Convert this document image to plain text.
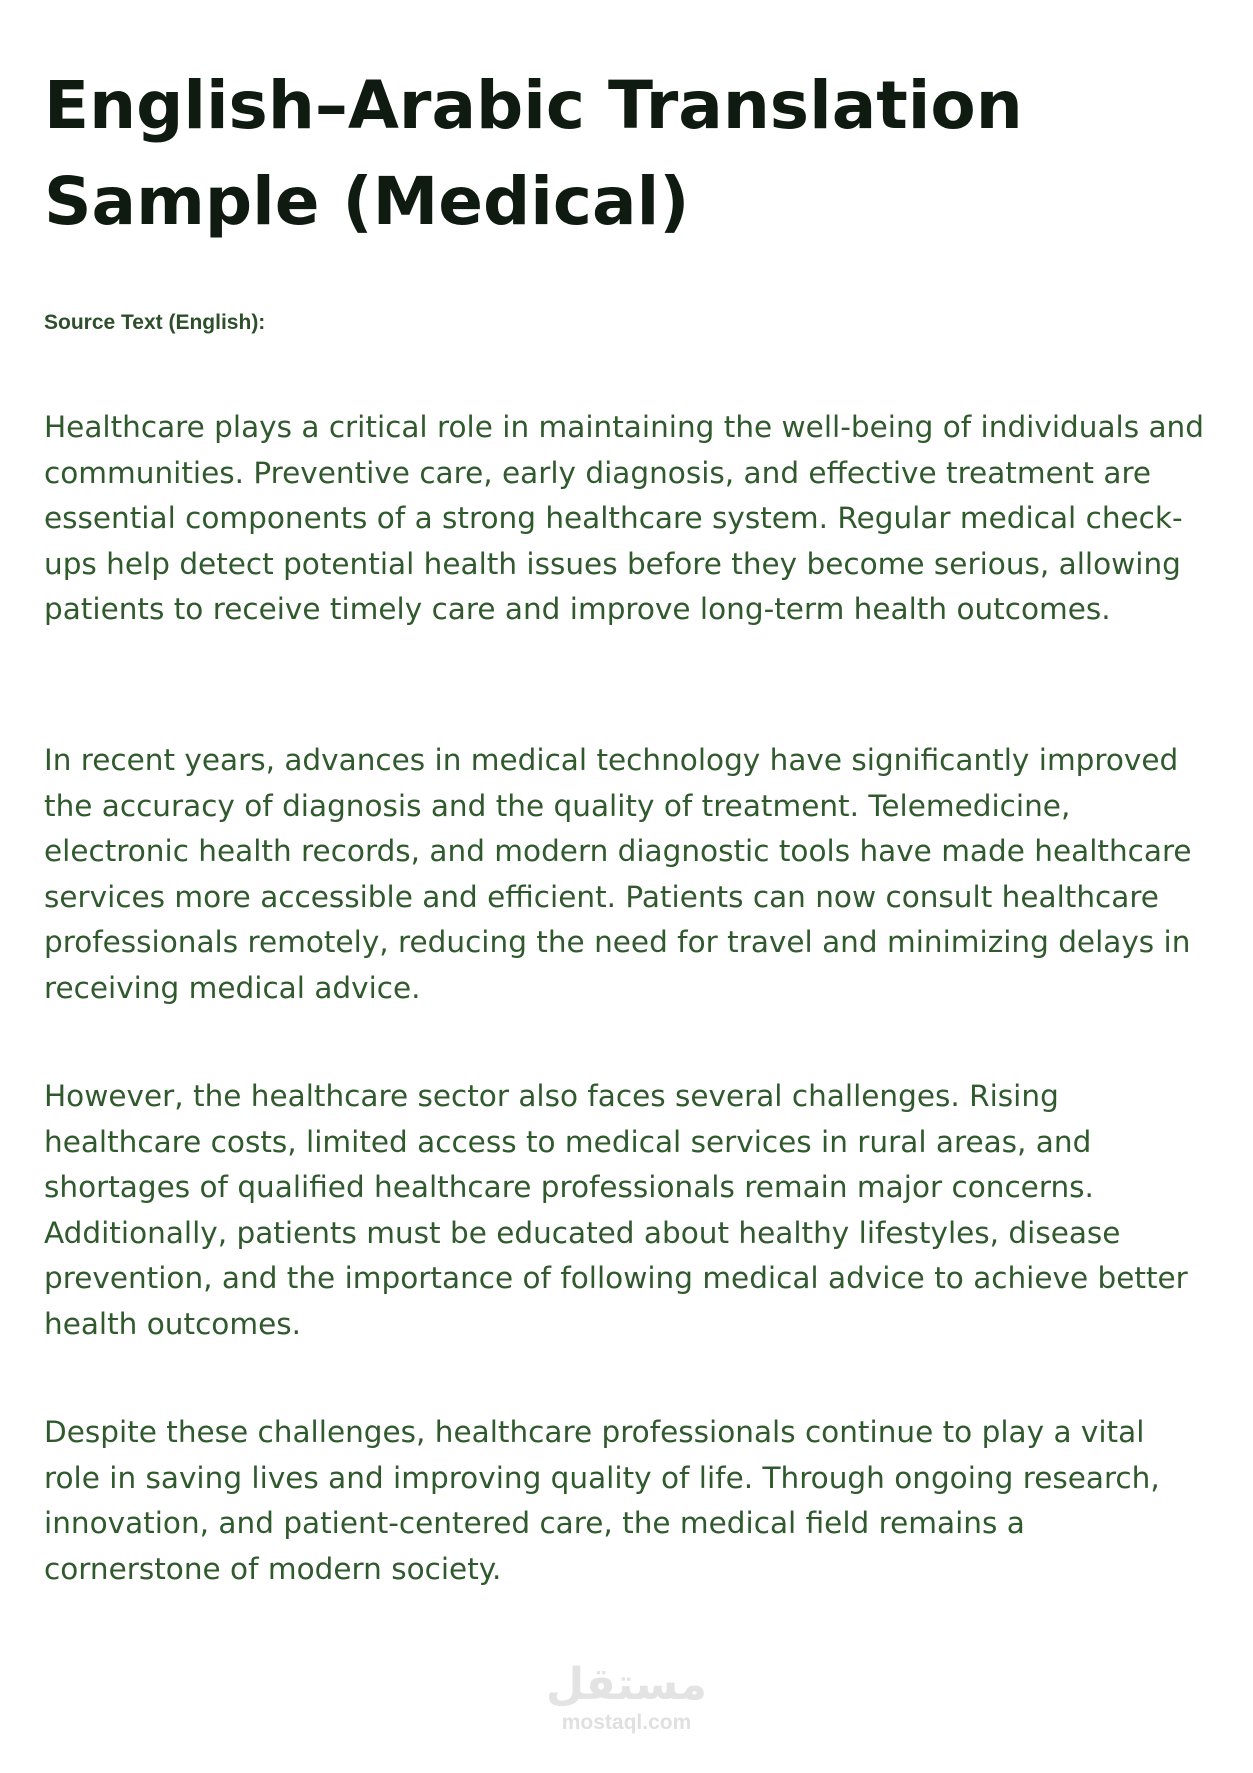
English–Arabic Translation Sample (Medical)

Source Text (English):

Healthcare plays a critical role in maintaining the well-being of individuals and communities. Preventive care, early diagnosis, and effective treatment are essential components of a strong healthcare system. Regular medical check-ups help detect potential health issues before they become serious, allowing patients to receive timely care and improve long-term health outcomes.

In recent years, advances in medical technology have significantly improved the accuracy of diagnosis and the quality of treatment. Telemedicine, electronic health records, and modern diagnostic tools have made healthcare services more accessible and efficient. Patients can now consult healthcare professionals remotely, reducing the need for travel and minimizing delays in receiving medical advice.

However, the healthcare sector also faces several challenges. Rising healthcare costs, limited access to medical services in rural areas, and shortages of qualified healthcare professionals remain major concerns. Additionally, patients must be educated about healthy lifestyles, disease prevention, and the importance of following medical advice to achieve better health outcomes.

Despite these challenges, healthcare professionals continue to play a vital role in saving lives and improving quality of life. Through ongoing research, innovation, and patient-centered care, the medical field remains a cornerstone of modern society.

مستقل
mostaql.com
